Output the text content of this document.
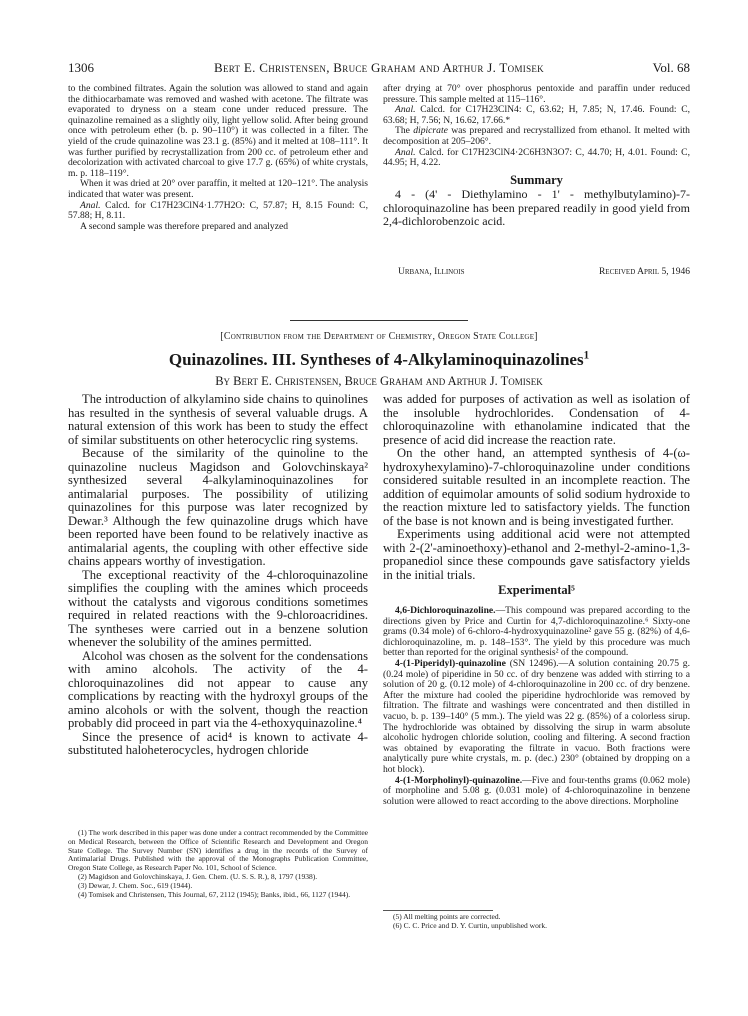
1306	Bert E. Christensen, Bruce Graham and Arthur J. Tomisek	Vol. 68

to the combined filtrates. Again the solution was allowed to stand and again the dithiocarbamate was removed and washed with acetone. The filtrate was evaporated to dryness on a steam cone under reduced pressure. The quinazoline remained as a slightly oily, light yellow solid. After being ground once with petroleum ether (b. p. 90–110°) it was collected in a filter. The yield of the crude quinazoline was 23.1 g. (85%) and it melted at 108–111°. It was further purified by recrystallization from 200 cc. of petroleum ether and decolorization with activated charcoal to give 17.7 g. (65%) of white crystals, m. p. 118–119°.

When it was dried at 20° over paraffin, it melted at 120–121°. The analysis indicated that water was present.

Anal. Calcd. for C17H23ClN4·1.77H2O: C, 57.87; H, 8.15 Found: C, 57.88; H, 8.11.

A second sample was therefore prepared and analyzed

after drying at 70° over phosphorus pentoxide and paraffin under reduced pressure. This sample melted at 115–116°.

Anal. Calcd. for C17H23ClN4: C, 63.62; H, 7.85; N, 17.46. Found: C, 63.68; H, 7.56; N, 16.62, 17.66.*

The dipicrate was prepared and recrystallized from ethanol. It melted with decomposition at 205–206°.

Anal. Calcd. for C17H23ClN4·2C6H3N3O7: C, 44.70; H, 4.01. Found: C, 44.95; H, 4.22.

Summary

4 - (4' - Diethylamino - 1' - methylbutylamino)-7-chloroquinazoline has been prepared readily in good yield from 2,4-dichlorobenzoic acid.

Urbana, Illinois	Received April 5, 1946
[Contribution from the Department of Chemistry, Oregon State College]
Quinazolines. III. Syntheses of 4-Alkylaminoquinazolines$^1$
By Bert E. Christensen, Bruce Graham and Arthur J. Tomisek

The introduction of alkylamino side chains to quinolines has resulted in the synthesis of several valuable drugs. A natural extension of this work has been to study the effect of similar substituents on other heterocyclic ring systems.

Because of the similarity of the quinoline to the quinazoline nucleus Magidson and Golovchinskaya² synthesized several 4-alkylaminoquinazolines for antimalarial purposes. The possibility of utilizing quinazolines for this purpose was later recognized by Dewar.³ Although the few quinazoline drugs which have been reported have been found to be relatively inactive as antimalarial agents, the coupling with other effective side chains appears worthy of investigation.

The exceptional reactivity of the 4-chloroquinazoline simplifies the coupling with the amines which proceeds without the catalysts and vigorous conditions sometimes required in related reactions with the 9-chloroacridines. The syntheses were carried out in a benzene solution whenever the solubility of the amines permitted.

Alcohol was chosen as the solvent for the condensations with amino alcohols. The activity of the 4-chloroquinazolines did not appear to cause any complications by reacting with the hydroxyl groups of the amino alcohols or with the solvent, though the reaction probably did proceed in part via the 4-ethoxyquinazoline.⁴

Since the presence of acid⁴ is known to activate 4-substituted haloheterocycles, hydrogen chloride

(1) The work described in this paper was done under a contract recommended by the Committee on Medical Research, between the Office of Scientific Research and Development and Oregon State College. The Survey Number (SN) identifies a drug in the records of the Survey of Antimalarial Drugs. Published with the approval of the Monographs Publication Committee, Oregon State College, as Research Paper No. 101, School of Science.

(2) Magidson and Golovchinskaya, J. Gen. Chem. (U. S. S. R.), 8, 1797 (1938).

(3) Dewar, J. Chem. Soc., 619 (1944).

(4) Tomisek and Christensen, This Journal, 67, 2112 (1945); Banks, ibid., 66, 1127 (1944).

was added for purposes of activation as well as isolation of the insoluble hydrochlorides. Condensation of 4-chloroquinazoline with ethanolamine indicated that the presence of acid did increase the reaction rate.

On the other hand, an attempted synthesis of 4-(ω-hydroxyhexylamino)-7-chloroquinazoline under conditions considered suitable resulted in an incomplete reaction. The addition of equimolar amounts of solid sodium hydroxide to the reaction mixture led to satisfactory yields. The function of the base is not known and is being investigated further.

Experiments using additional acid were not attempted with 2-(2'-aminoethoxy)-ethanol and 2-methyl-2-amino-1,3-propanediol since these compounds gave satisfactory yields in the initial trials.

Experimental⁵

4,6-Dichloroquinazoline.—This compound was prepared according to the directions given by Price and Curtin for 4,7-dichloroquinazoline.⁶ Sixty-one grams (0.34 mole) of 6-chloro-4-hydroxyquinazoline² gave 55 g. (82%) of 4,6-dichloroquinazoline, m. p. 148–153°. The yield by this procedure was much better than reported for the original synthesis² of the compound.

4-(1-Piperidyl)-quinazoline (SN 12496).—A solution containing 20.75 g. (0.24 mole) of piperidine in 50 cc. of dry benzene was added with stirring to a solution of 20 g. (0.12 mole) of 4-chloroquinazoline in 200 cc. of dry benzene. After the mixture had cooled the piperidine hydrochloride was removed by filtration. The filtrate and washings were concentrated and then distilled in vacuo, b. p. 139–140° (5 mm.). The yield was 22 g. (85%) of a colorless sirup. The hydrochloride was obtained by dissolving the sirup in warm absolute alcoholic hydrogen chloride solution, cooling and filtering. A second fraction was obtained by evaporating the filtrate in vacuo. Both fractions were analytically pure white crystals, m. p. (dec.) 230° (obtained by dropping on a hot block).

4-(1-Morpholinyl)-quinazoline.—Five and four-tenths grams (0.062 mole) of morpholine and 5.08 g. (0.031 mole) of 4-chloroquinazoline in benzene solution were allowed to react according to the above directions. Morpholine

(5) All melting points are corrected.

(6) C. C. Price and D. Y. Curtin, unpublished work.
